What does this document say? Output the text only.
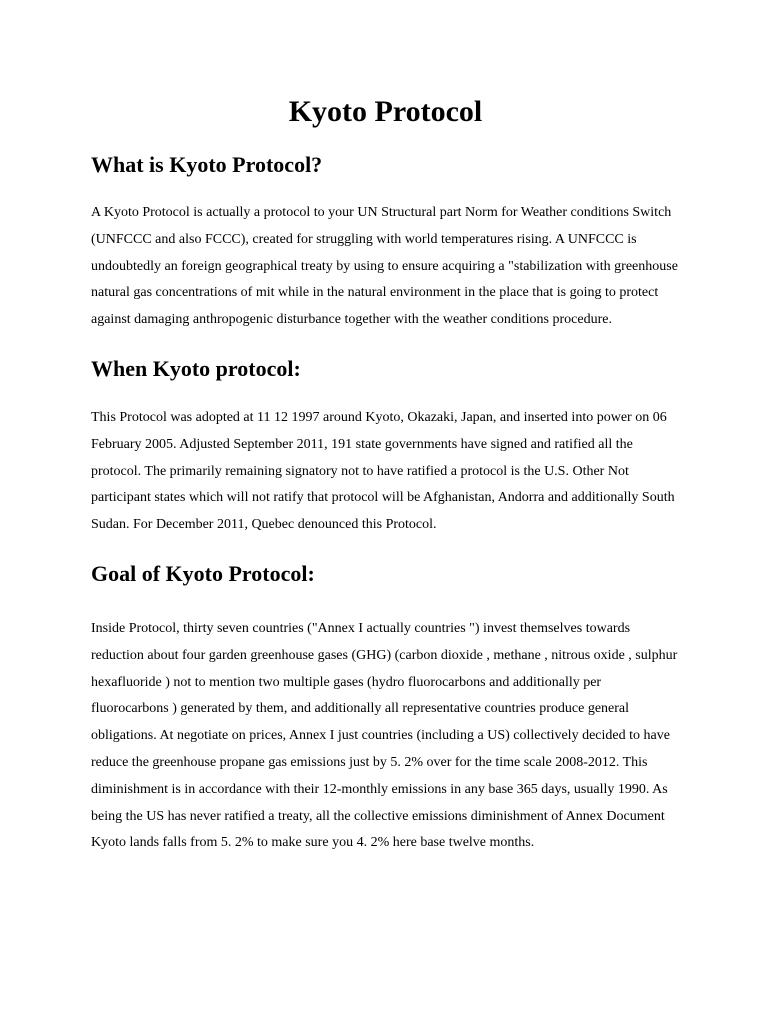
Kyoto Protocol
What is Kyoto Protocol?

A Kyoto Protocol is actually a protocol to your UN Structural part Norm for Weather conditions Switch (UNFCCC and also FCCC), created for struggling with world temperatures rising. A UNFCCC is undoubtedly an foreign geographical treaty by using to ensure acquiring a "stabilization with greenhouse natural gas concentrations of mit while in the natural environment in the place that is going to protect against damaging anthropogenic disturbance together with the weather conditions procedure.

When Kyoto protocol:

This Protocol was adopted at 11 12 1997 around Kyoto, Okazaki, Japan, and inserted into power on 06 February 2005. Adjusted September 2011, 191 state governments have signed and ratified all the protocol. The primarily remaining signatory not to have ratified a protocol is the U.S. Other Not participant states which will not ratify that protocol will be Afghanistan, Andorra and additionally South Sudan. For December 2011, Quebec denounced this Protocol.

Goal of Kyoto Protocol:

Inside Protocol, thirty seven countries ("Annex I actually countries ") invest themselves towards reduction about four garden greenhouse gases (GHG) (carbon dioxide , methane , nitrous oxide , sulphur hexafluoride ) not to mention two multiple gases (hydro fluorocarbons and additionally per fluorocarbons ) generated by them, and additionally all representative countries produce general obligations. At negotiate on prices, Annex I just countries (including a US) collectively decided to have reduce the greenhouse propane gas emissions just by 5. 2% over for the time scale 2008-2012. This diminishment is in accordance with their 12-monthly emissions in any base 365 days, usually 1990. As being the US has never ratified a treaty, all the collective emissions diminishment of Annex Document Kyoto lands falls from 5. 2% to make sure you 4. 2% here base twelve months.
